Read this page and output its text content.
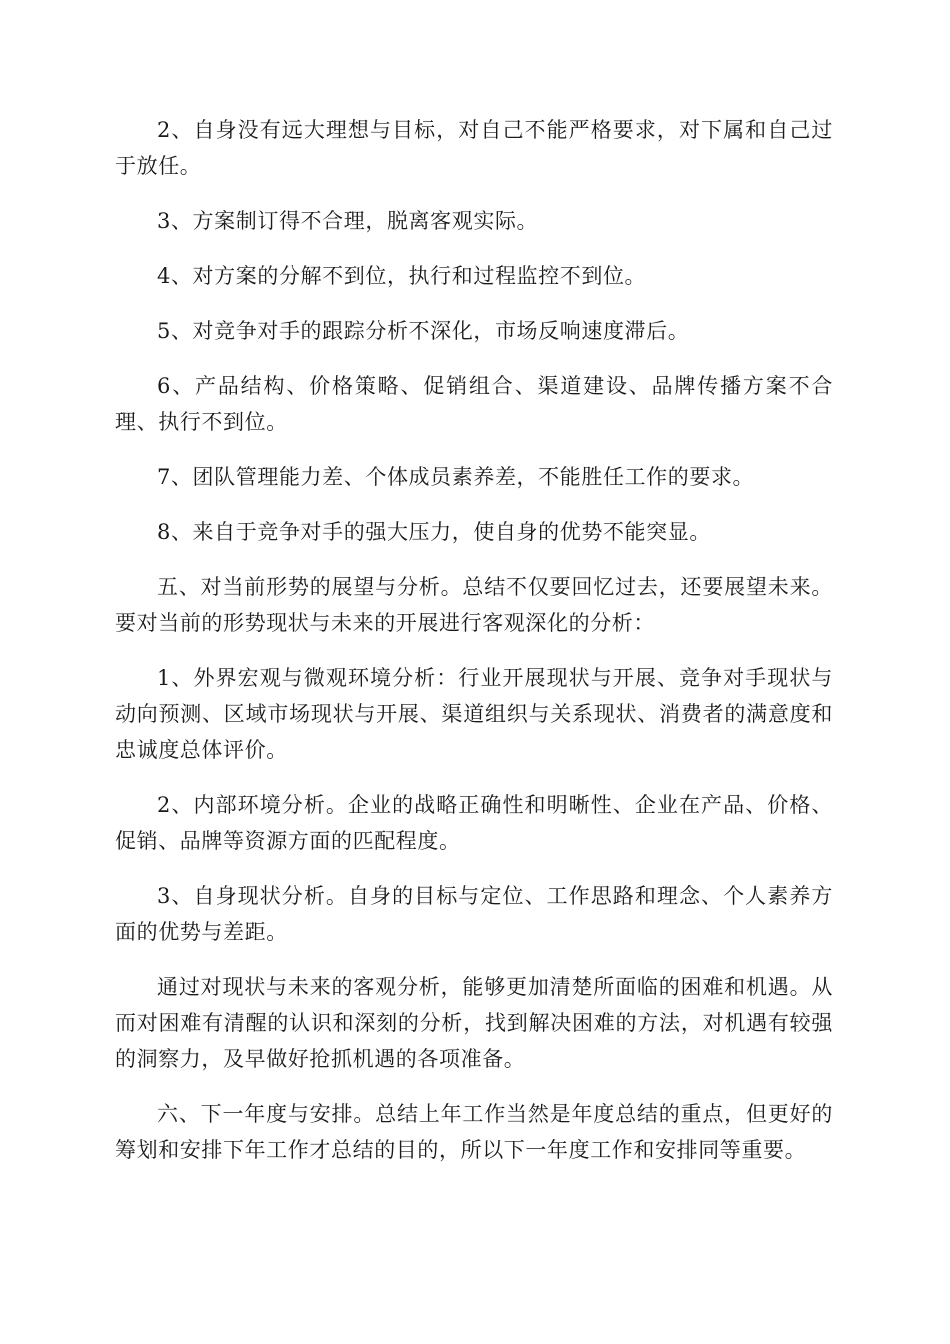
2、自身没有远大理想与目标，对自己不能严格要求，对下属和自己过于放任。

3、方案制订得不合理，脱离客观实际。

4、对方案的分解不到位，执行和过程监控不到位。

5、对竞争对手的跟踪分析不深化，市场反响速度滞后。

6、产品结构、价格策略、促销组合、渠道建设、品牌传播方案不合理、执行不到位。

7、团队管理能力差、个体成员素养差，不能胜任工作的要求。

8、来自于竞争对手的强大压力，使自身的优势不能突显。

五、对当前形势的展望与分析。总结不仅要回忆过去，还要展望未来。要对当前的形势现状与未来的开展进行客观深化的分析：

1、外界宏观与微观环境分析：行业开展现状与开展、竞争对手现状与动向预测、区域市场现状与开展、渠道组织与关系现状、消费者的满意度和忠诚度总体评价。

2、内部环境分析。企业的战略正确性和明晰性、企业在产品、价格、促销、品牌等资源方面的匹配程度。

3、自身现状分析。自身的目标与定位、工作思路和理念、个人素养方面的优势与差距。

通过对现状与未来的客观分析，能够更加清楚所面临的困难和机遇。从而对困难有清醒的认识和深刻的分析，找到解决困难的方法，对机遇有较强的洞察力，及早做好抢抓机遇的各项准备。

六、下一年度与安排。总结上年工作当然是年度总结的重点，但更好的筹划和安排下年工作才总结的目的，所以下一年度工作和安排同等重要。
